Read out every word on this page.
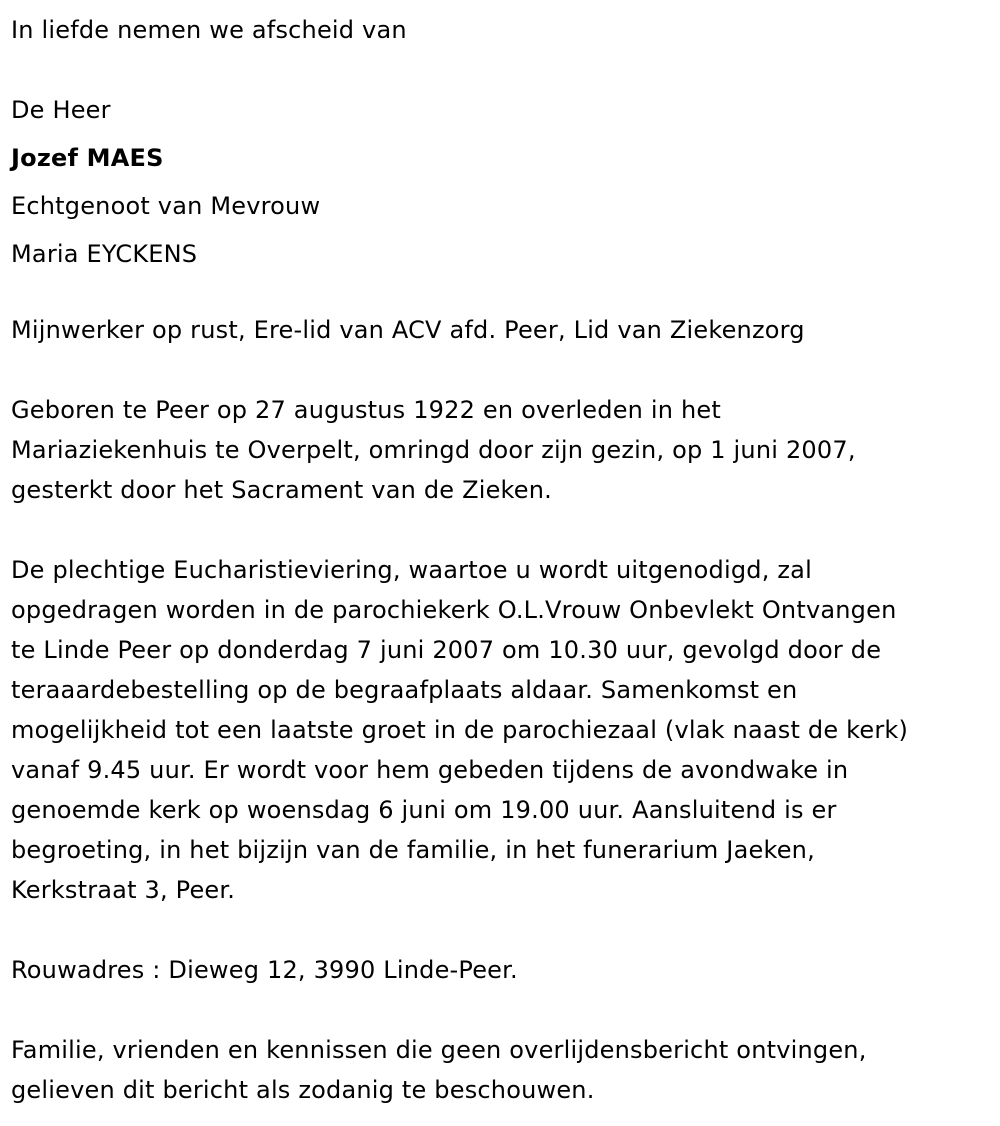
In liefde nemen we afscheid van

De Heer

Jozef MAES

Echtgenoot van Mevrouw

Maria EYCKENS

Mijnwerker op rust, Ere-lid van ACV afd. Peer, Lid van Ziekenzorg

Geboren te Peer op 27 augustus 1922 en overleden in het
Mariaziekenhuis te Overpelt, omringd door zijn gezin, op 1 juni 2007,
gesterkt door het Sacrament van de Zieken.

De plechtige Eucharistieviering, waartoe u wordt uitgenodigd, zal
opgedragen worden in de parochiekerk O.L.Vrouw Onbevlekt Ontvangen
te Linde Peer op donderdag 7 juni 2007 om 10.30 uur, gevolgd door de
teraaardebestelling op de begraafplaats aldaar. Samenkomst en
mogelijkheid tot een laatste groet in de parochiezaal (vlak naast de kerk)
vanaf 9.45 uur. Er wordt voor hem gebeden tijdens de avondwake in
genoemde kerk op woensdag 6 juni om 19.00 uur. Aansluitend is er
begroeting, in het bijzijn van de familie, in het funerarium Jaeken,
Kerkstraat 3, Peer.

Rouwadres : Dieweg 12, 3990 Linde-Peer.

Familie, vrienden en kennissen die geen overlijdensbericht ontvingen,
gelieven dit bericht als zodanig te beschouwen.
